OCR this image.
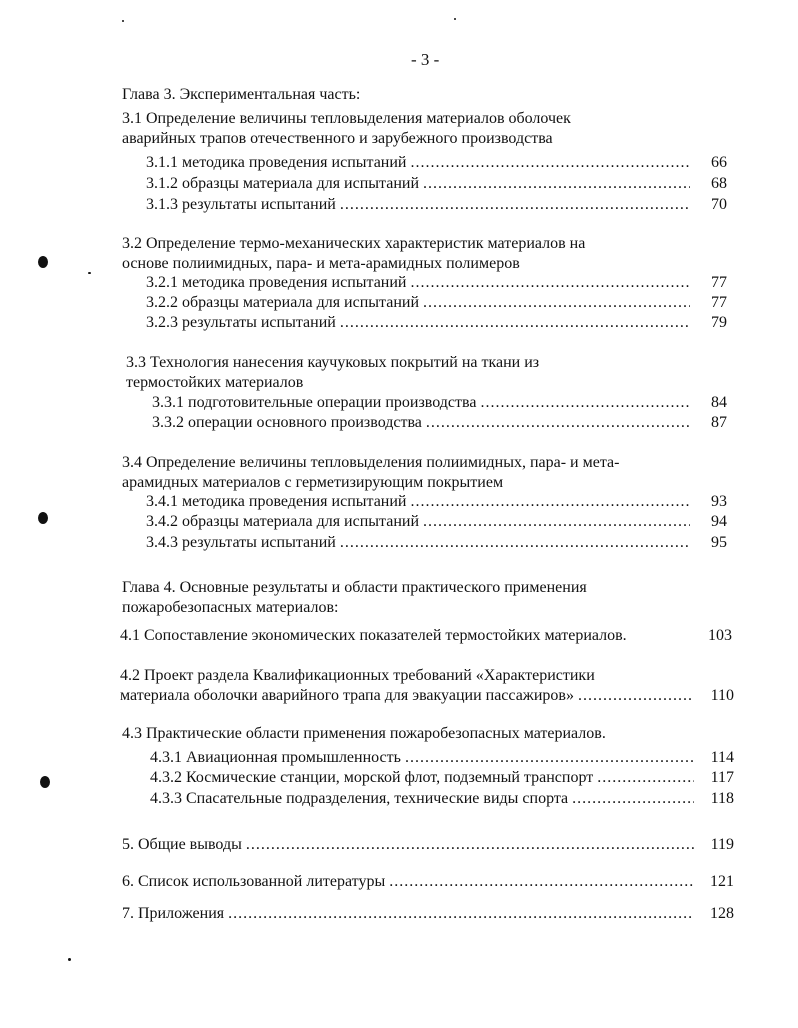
- 3 -
Глава 3. Экспериментальная часть:
3.1 Определение величины тепловыделения материалов оболочек
аварийных трапов отечественного и зарубежного производства
3.1.1 методика проведения испытаний .....	66
3.1.2 образцы материала для испытаний .....	68
3.1.3 результаты испытаний .....	70
3.2 Определение термо-механических характеристик материалов на
основе полиимидных, пара- и мета-арамидных полимеров
3.2.1 методика проведения испытаний .....	77
3.2.2 образцы материала для испытаний .....	77
3.2.3 результаты испытаний .....	79
3.3 Технология нанесения каучуковых покрытий на ткани из
термостойких материалов
3.3.1 подготовительные операции производства .....	84
3.3.2 операции основного производства .....	87
3.4 Определение величины тепловыделения полиимидных, пара- и мета-
арамидных материалов с герметизирующим покрытием
3.4.1 методика проведения испытаний .....	93
3.4.2 образцы материала для испытаний .....	94
3.4.3 результаты испытаний .....	95
Глава 4. Основные результаты и области практического применения
пожаробезопасных материалов:
4.1 Сопоставление экономических показателей термостойких материалов.	103
4.2 Проект раздела Квалификационных требований «Характеристики
материала оболочки аварийного трапа для эвакуации пассажиров» .....	110
4.3 Практические области применения пожаробезопасных материалов.
4.3.1 Авиационная промышленность .....	114
4.3.2 Космические станции, морской флот, подземный транспорт .....	117
4.3.3 Спасательные подразделения, технические виды спорта .....	118
5. Общие выводы .....	119
6. Список использованной литературы .....	121
7. Приложения .....	128
